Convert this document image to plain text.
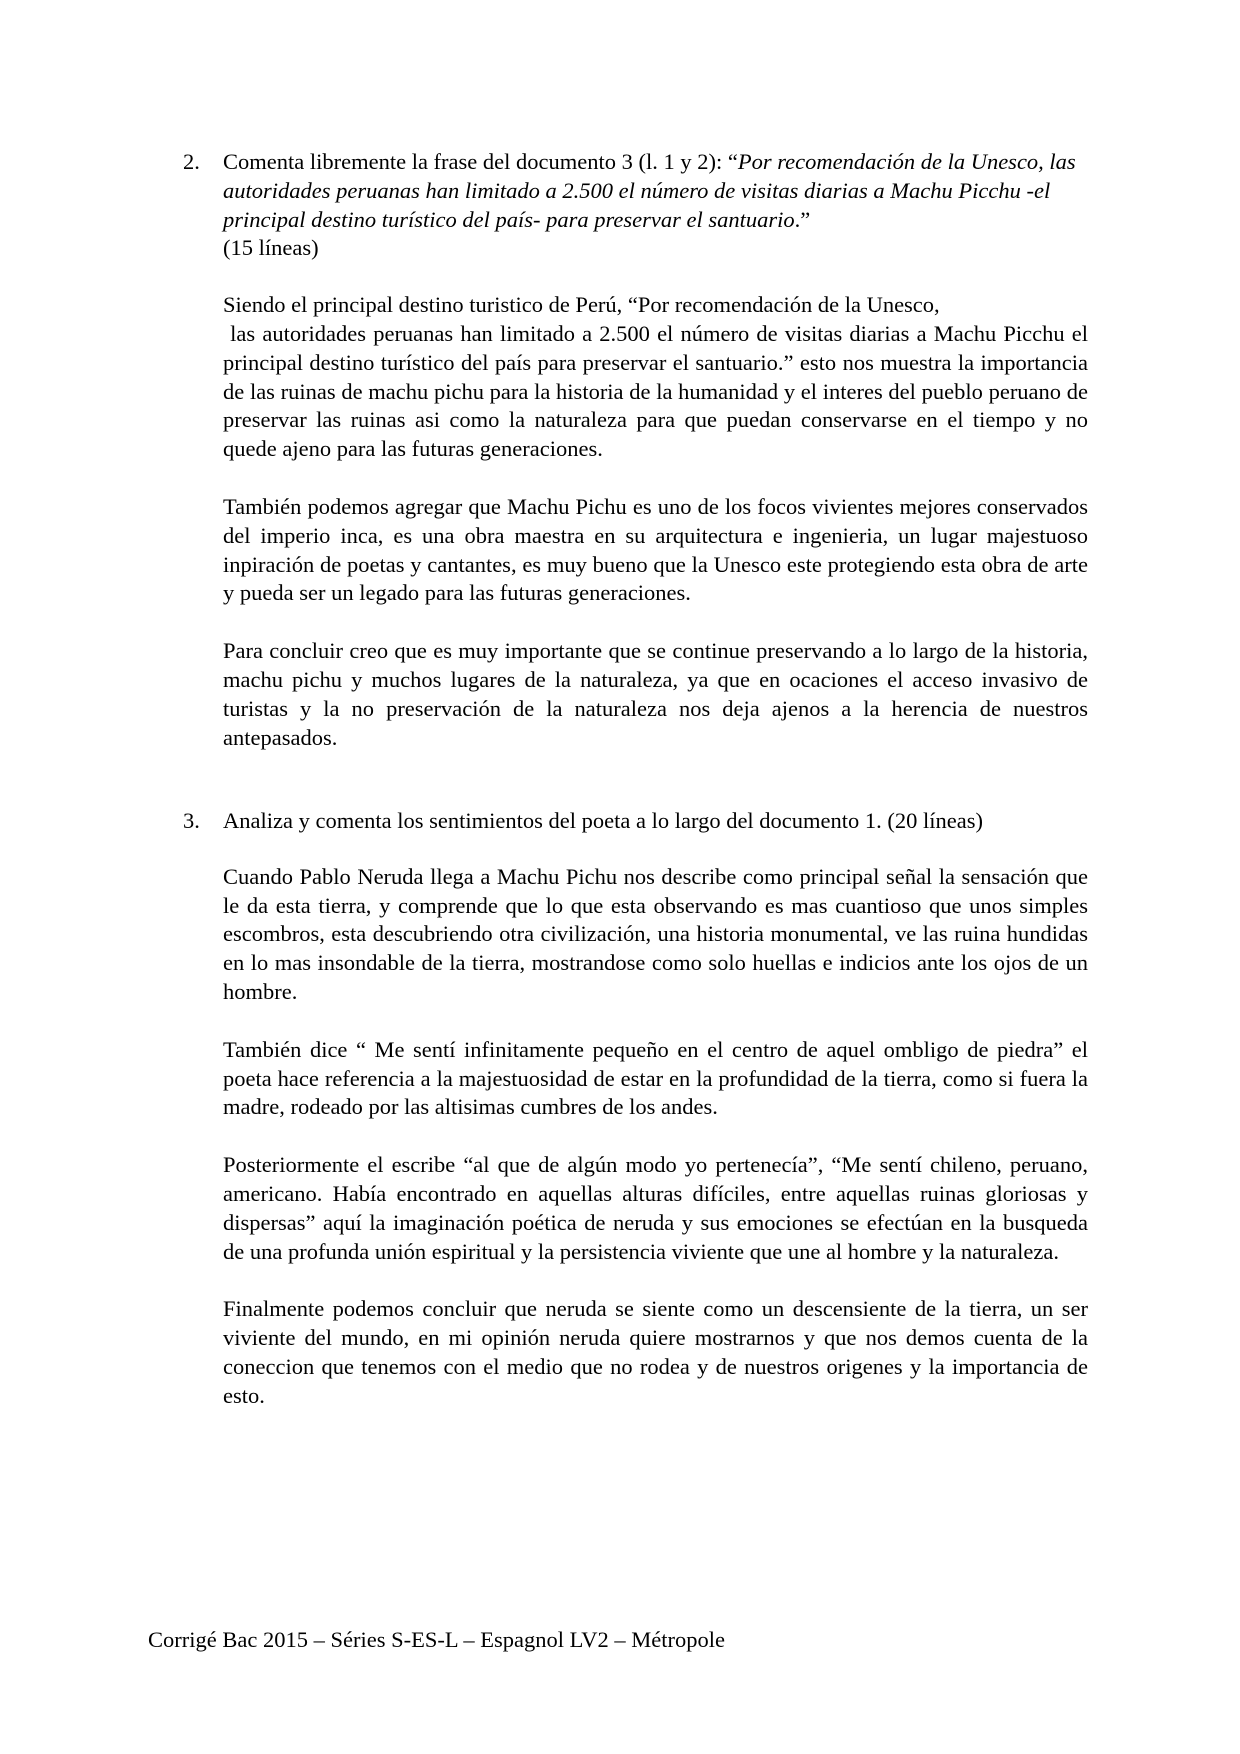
2.	Comenta libremente la frase del documento 3 (l. 1 y 2): “Por recomendación de la Unesco, las autoridades peruanas han limitado a 2.500 el número de visitas diarias a Machu Picchu -el principal destino turístico del país- para preservar el santuario.”
(15 líneas)

Siendo el principal destino turistico de Perú, “Por recomendación de la Unesco,
las autoridades peruanas han limitado a 2.500 el número de visitas diarias a Machu Picchu el principal destino turístico del país para preservar el santuario.” esto nos muestra la importancia de las ruinas de machu pichu para la historia de la humanidad y el interes del pueblo peruano de preservar las ruinas asi como la naturaleza para que puedan conservarse en el tiempo y no quede ajeno para las futuras generaciones.

También podemos agregar que Machu Pichu es uno de los focos vivientes mejores conservados del imperio inca, es una obra maestra en su arquitectura e ingenieria, un lugar majestuoso inpiración de poetas y cantantes, es muy bueno que la Unesco este protegiendo esta obra de arte y pueda ser un legado para las futuras generaciones.

Para concluir creo que es muy importante que se continue preservando a lo largo de la historia, machu pichu y muchos lugares de la naturaleza, ya que en ocaciones el acceso invasivo de turistas y la no preservación de la naturaleza nos deja ajenos a la herencia de nuestros antepasados.

3.	Analiza y comenta los sentimientos del poeta a lo largo del documento 1. (20 líneas)

Cuando Pablo Neruda llega a Machu Pichu nos describe como principal señal la sensación que le da esta tierra, y comprende que lo que esta observando es mas cuantioso que unos simples escombros, esta descubriendo otra civilización, una historia monumental, ve las ruina hundidas en lo mas insondable de la tierra, mostrandose como solo huellas e indicios ante los ojos de un hombre.

También dice “ Me sentí infinitamente pequeño en el centro de aquel ombligo de piedra” el poeta hace referencia a la majestuosidad de estar en la profundidad de la tierra, como si fuera la madre, rodeado por las altisimas cumbres de los andes.

Posteriormente el escribe “al que de algún modo yo pertenecía”, “Me sentí chileno, peruano, americano. Había encontrado en aquellas alturas difíciles, entre aquellas ruinas gloriosas y dispersas” aquí la imaginación poética de neruda y sus emociones se efectúan en la busqueda de una profunda unión espiritual y la persistencia viviente que une al hombre y la naturaleza.

Finalmente podemos concluir que neruda se siente como un descensiente de la tierra, un ser viviente del mundo, en mi opinión neruda quiere mostrarnos y que nos demos cuenta de la coneccion que tenemos con el medio que no rodea y de nuestros origenes y la importancia de esto.

Corrigé Bac 2015 – Séries S-ES-L – Espagnol LV2 – Métropole
